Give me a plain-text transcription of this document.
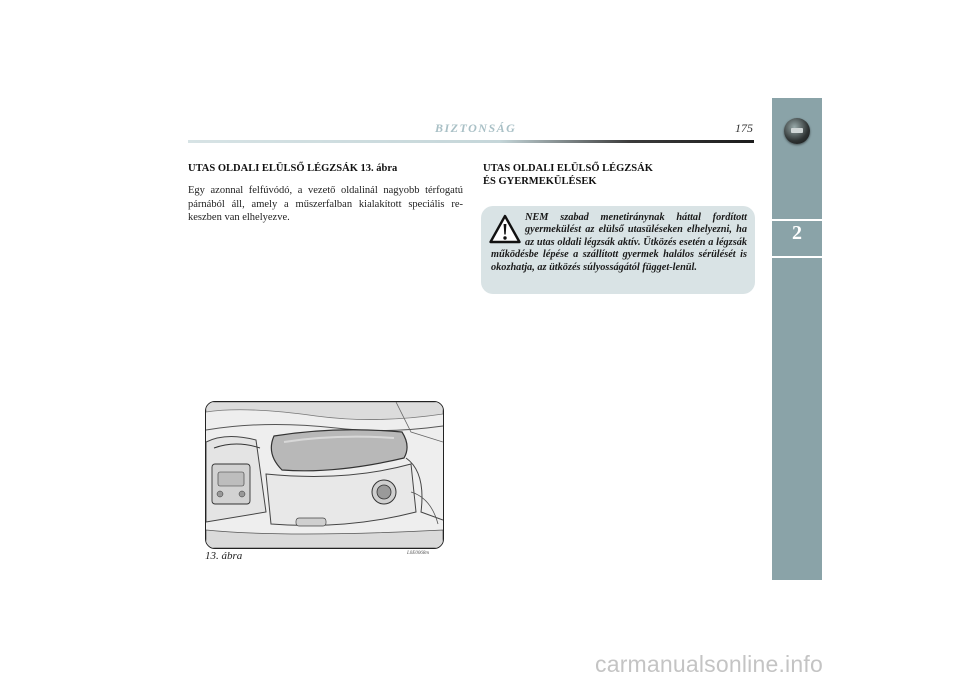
BIZTONSÁG	175
2
UTAS OLDALI ELÜLSŐ LÉGZSÁK 13. ábra
Egy azonnal felfúvódó, a vezető oldalinál nagyobb térfogatú párnából áll, amely a műszerfalban kialakított speciális re-keszben van elhelyezve.
UTAS OLDALI ELÜLSŐ LÉGZSÁK
ÉS GYERMEKÜLÉSEK
NEM szabad menetiránynak háttal fordított gyermekülést az elülső utasüléseken elhelyezni, ha az utas oldali légzsák aktív. Ütközés esetén a légzsák működésbe lépése a szállított gyermek halálos sérülését is okozhatja, az ütközés súlyosságától függet-lenül.
13. ábra	L0E0068m
carmanualsonline.info
